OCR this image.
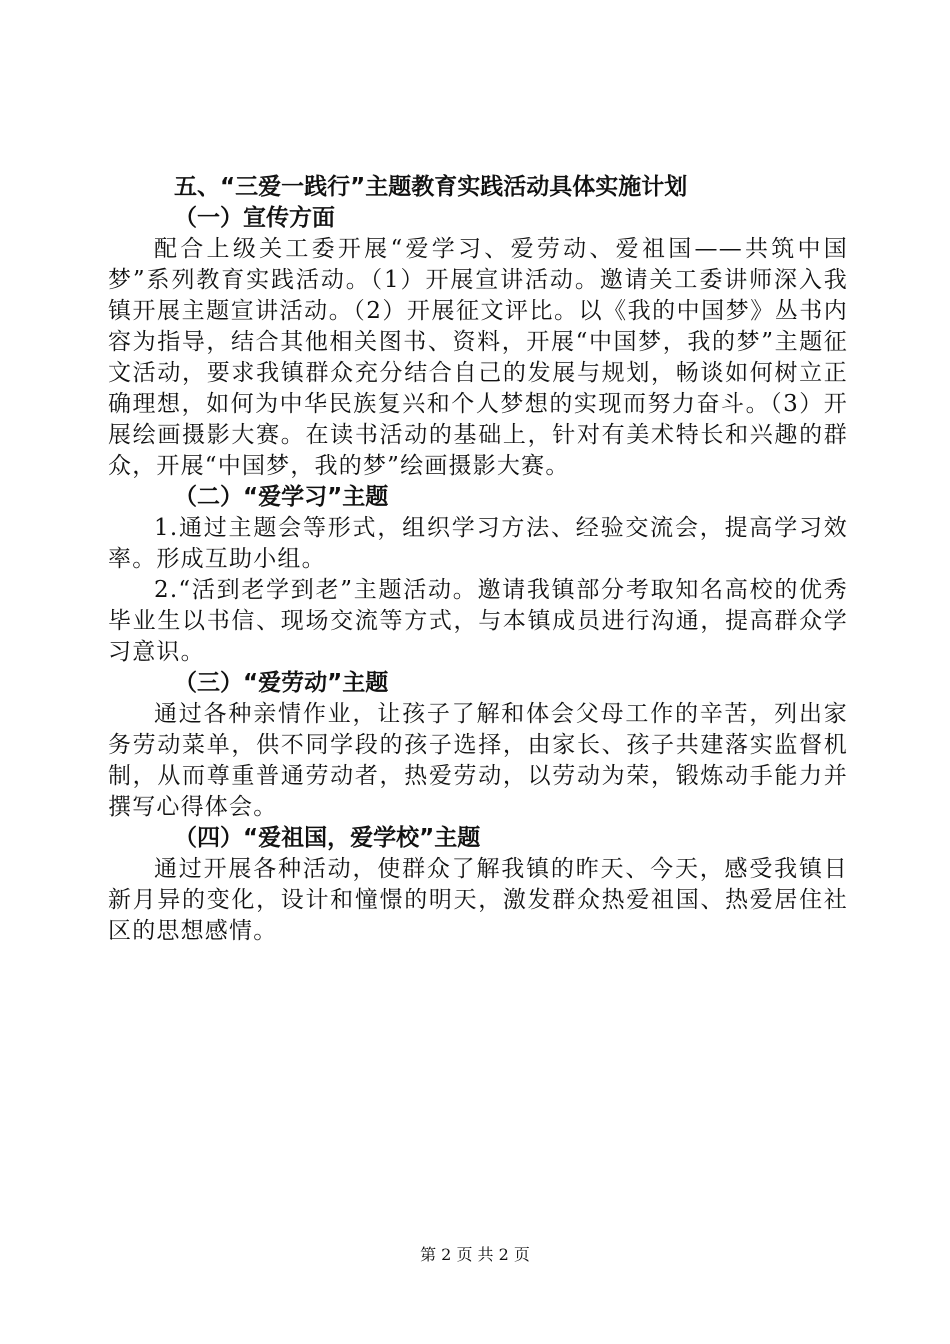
五、“三爱一践行”主题教育实践活动具体实施计划

（一）宣传方面

配合上级关工委开展“爱学习、爱劳动、爱祖国——共筑中国梦”系列教育实践活动。（1）开展宣讲活动。邀请关工委讲师深入我镇开展主题宣讲活动。（2）开展征文评比。以《我的中国梦》丛书内容为指导，结合其他相关图书、资料，开展“中国梦，我的梦”主题征文活动，要求我镇群众充分结合自己的发展与规划，畅谈如何树立正确理想，如何为中华民族复兴和个人梦想的实现而努力奋斗。（3）开展绘画摄影大赛。在读书活动的基础上，针对有美术特长和兴趣的群众，开展“中国梦，我的梦”绘画摄影大赛。

（二）“爱学习”主题

1.通过主题会等形式，组织学习方法、经验交流会，提高学习效率。形成互助小组。

2.“活到老学到老”主题活动。邀请我镇部分考取知名高校的优秀毕业生以书信、现场交流等方式，与本镇成员进行沟通，提高群众学习意识。

（三）“爱劳动”主题

通过各种亲情作业，让孩子了解和体会父母工作的辛苦，列出家务劳动菜单，供不同学段的孩子选择，由家长、孩子共建落实监督机制，从而尊重普通劳动者，热爱劳动，以劳动为荣，锻炼动手能力并撰写心得体会。

（四）“爱祖国，爱学校”主题

通过开展各种活动，使群众了解我镇的昨天、今天，感受我镇日新月异的变化，设计和憧憬的明天，激发群众热爱祖国、热爱居住社区的思想感情。

第 2 页 共 2 页
